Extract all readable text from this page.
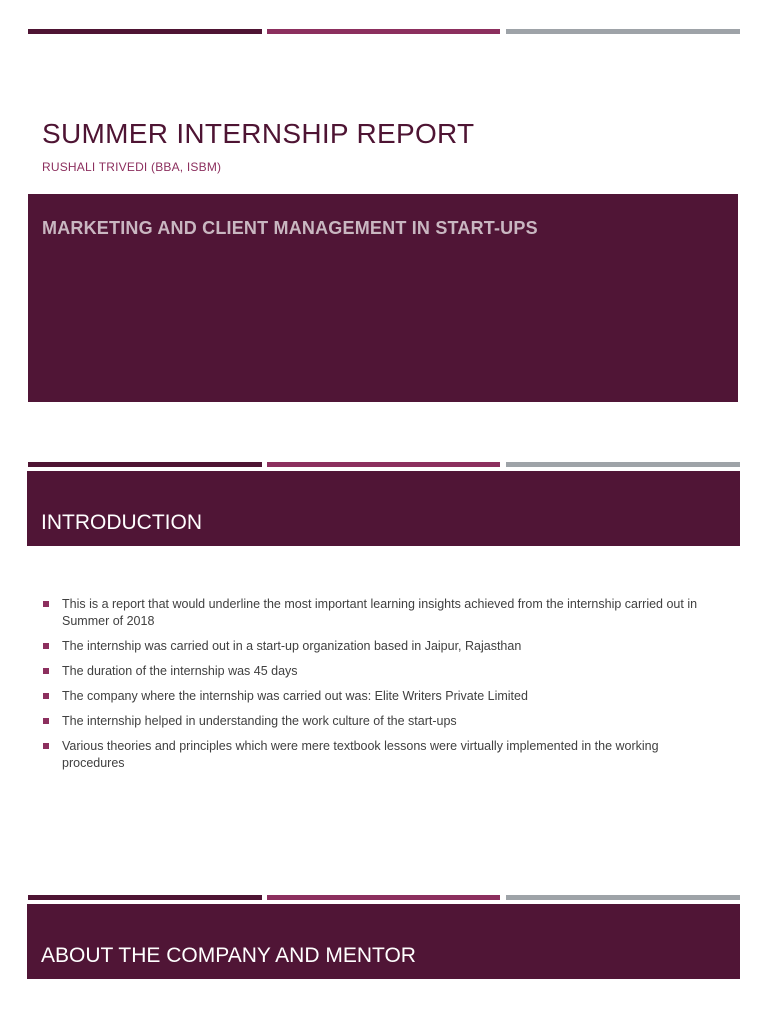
SUMMER INTERNSHIP REPORT
RUSHALI TRIVEDI (BBA, ISBM)
MARKETING AND CLIENT MANAGEMENT IN START-UPS
INTRODUCTION
This is a report that would underline the most important learning insights achieved from the internship carried out in Summer of 2018
The internship was carried out in a start-up organization based in Jaipur, Rajasthan
The duration of the internship was 45 days
The company where the internship was carried out was: Elite Writers Private Limited
The internship helped in understanding the work culture of the start-ups
Various theories and principles which were mere textbook lessons were virtually implemented in the working procedures
ABOUT THE COMPANY AND MENTOR
